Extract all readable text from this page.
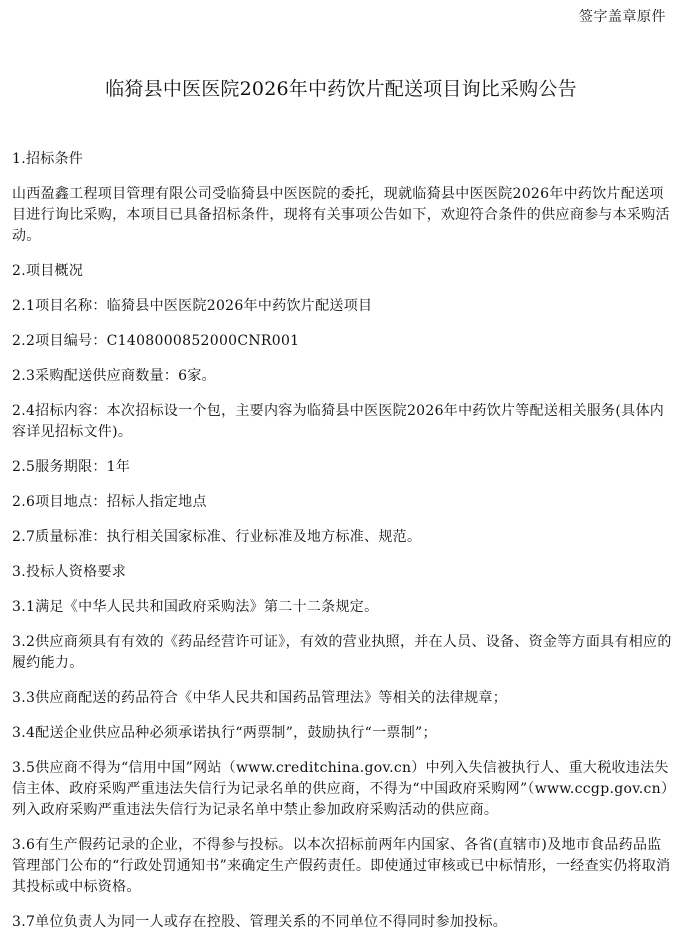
签字盖章原件
临猗县中医医院2026年中药饮片配送项目询比采购公告

1.招标条件

山西盈鑫工程项目管理有限公司受临猗县中医医院的委托，现就临猗县中医医院2026年中药饮片配送项目进行询比采购，本项目已具备招标条件，现将有关事项公告如下，欢迎符合条件的供应商参与本采购活动。

2.项目概况

2.1项目名称：临猗县中医医院2026年中药饮片配送项目

2.2项目编号：C1408000852000CNR001

2.3采购配送供应商数量：6家。

2.4招标内容：本次招标设一个包，主要内容为临猗县中医医院2026年中药饮片等配送相关服务(具体内容详见招标文件)。

2.5服务期限：1年

2.6项目地点：招标人指定地点

2.7质量标准：执行相关国家标准、行业标准及地方标准、规范。

3.投标人资格要求

3.1满足《中华人民共和国政府采购法》第二十二条规定。

3.2供应商须具有有效的《药品经营许可证》，有效的营业执照，并在人员、设备、资金等方面具有相应的履约能力。

3.3供应商配送的药品符合《中华人民共和国药品管理法》等相关的法律规章；

3.4配送企业供应品种必须承诺执行“两票制”，鼓励执行“一票制”；

3.5供应商不得为“信用中国”网站（www.creditchina.gov.cn）中列入失信被执行人、重大税收违法失信主体、政府采购严重违法失信行为记录名单的供应商，不得为“中国政府采购网”（www.ccgp.gov.cn）列入政府采购严重违法失信行为记录名单中禁止参加政府采购活动的供应商。

3.6有生产假药记录的企业，不得参与投标。以本次招标前两年内国家、各省(直辖市)及地市食品药品监管理部门公布的“行政处罚通知书”来确定生产假药责任。即使通过审核或已中标情形，一经查实仍将取消其投标或中标资格。

3.7单位负责人为同一人或存在控股、管理关系的不同单位不得同时参加投标。
